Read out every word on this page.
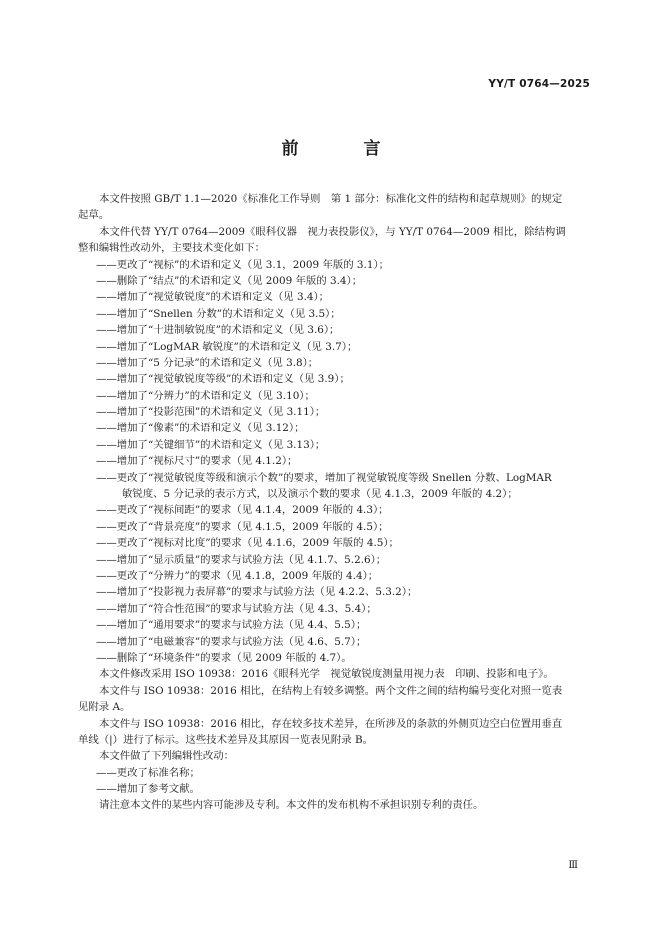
YY/T 0764—2025
前　言
本文件按照 GB/T 1.1—2020《标准化工作导则　第 1 部分：标准化文件的结构和起草规则》的规定
起草。
本文件代替 YY/T 0764—2009《眼科仪器　视力表投影仪》，与 YY/T 0764—2009 相比，除结构调
整和编辑性改动外，主要技术变化如下：
——更改了“视标”的术语和定义（见 3.1，2009 年版的 3.1）；
——删除了“结点”的术语和定义（见 2009 年版的 3.4）；
——增加了“视觉敏锐度”的术语和定义（见 3.4）；
——增加了“Snellen 分数”的术语和定义（见 3.5）；
——增加了“十进制敏锐度”的术语和定义（见 3.6）；
——增加了“LogMAR 敏锐度”的术语和定义（见 3.7）；
——增加了“5 分记录”的术语和定义（见 3.8）；
——增加了“视觉敏锐度等级”的术语和定义（见 3.9）；
——增加了“分辨力”的术语和定义（见 3.10）；
——增加了“投影范围”的术语和定义（见 3.11）；
——增加了“像素”的术语和定义（见 3.12）；
——增加了“关键细节”的术语和定义（见 3.13）；
——增加了“视标尺寸”的要求（见 4.1.2）；
——更改了“视觉敏锐度等级和演示个数”的要求，增加了视觉敏锐度等级 Snellen 分数、LogMAR
敏锐度、5 分记录的表示方式，以及演示个数的要求（见 4.1.3，2009 年版的 4.2）；
——更改了“视标间距”的要求（见 4.1.4，2009 年版的 4.3）；
——更改了“背景亮度”的要求（见 4.1.5，2009 年版的 4.5）；
——更改了“视标对比度”的要求（见 4.1.6，2009 年版的 4.5）；
——增加了“显示质量”的要求与试验方法（见 4.1.7、5.2.6）；
——更改了“分辨力”的要求（见 4.1.8，2009 年版的 4.4）；
——增加了“投影视力表屏幕”的要求与试验方法（见 4.2.2、5.3.2）；
——增加了“符合性范围”的要求与试验方法（见 4.3、5.4）；
——增加了“通用要求”的要求与试验方法（见 4.4、5.5）；
——增加了“电磁兼容”的要求与试验方法（见 4.6、5.7）；
——删除了“环境条件”的要求（见 2009 年版的 4.7）。
本文件修改采用 ISO 10938：2016《眼科光学　视觉敏锐度测量用视力表　印刷、投影和电子》。
本文件与 ISO 10938：2016 相比，在结构上有较多调整。两个文件之间的结构编号变化对照一览表
见附录 A。
本文件与 ISO 10938：2016 相比，存在较多技术差异，在所涉及的条款的外侧页边空白位置用垂直
单线（|）进行了标示。这些技术差异及其原因一览表见附录 B。
本文件做了下列编辑性改动：
——更改了标准名称；
——增加了参考文献。
请注意本文件的某些内容可能涉及专利。本文件的发布机构不承担识别专利的责任。
Ⅲ
